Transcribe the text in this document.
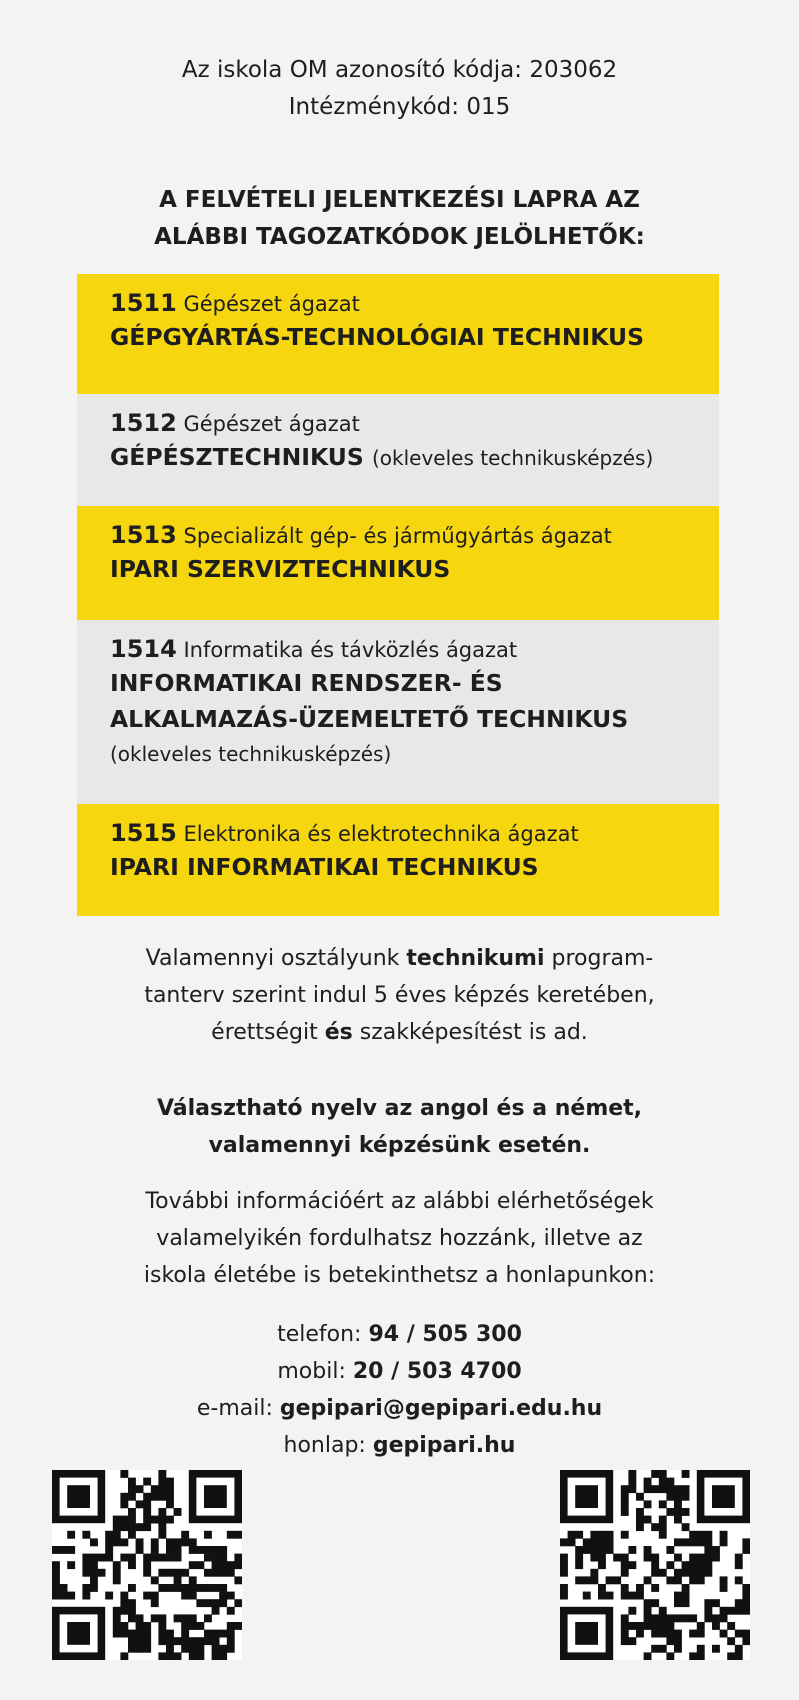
Az iskola OM azonosító kódja: 203062
Intézménykód: 015
A FELVÉTELI JELENTKEZÉSI LAPRA AZ
ALÁBBI TAGOZATKÓDOK JELÖLHETŐK:
1511 Gépészet ágazat
GÉPGYÁRTÁS-TECHNOLÓGIAI TECHNIKUS
1512 Gépészet ágazat
GÉPÉSZTECHNIKUS (okleveles technikusképzés)
1513 Specializált gép- és járműgyártás ágazat
IPARI SZERVIZTECHNIKUS
1514 Informatika és távközlés ágazat
INFORMATIKAI RENDSZER- ÉS
ALKALMAZÁS-ÜZEMELTETŐ TECHNIKUS
(okleveles technikusképzés)
1515 Elektronika és elektrotechnika ágazat
IPARI INFORMATIKAI TECHNIKUS
Valamennyi osztályunk technikumi program-
tanterv szerint indul 5 éves képzés keretében,
érettségit és szakképesítést is ad.
Választható nyelv az angol és a német,
valamennyi képzésünk esetén.
További információért az alábbi elérhetőségek
valamelyikén fordulhatsz hozzánk, illetve az
iskola életébe is betekinthetsz a honlapunkon:
telefon: 94 / 505 300
mobil: 20 / 503 4700
e-mail: gepipari@gepipari.edu.hu
honlap: gepipari.hu
